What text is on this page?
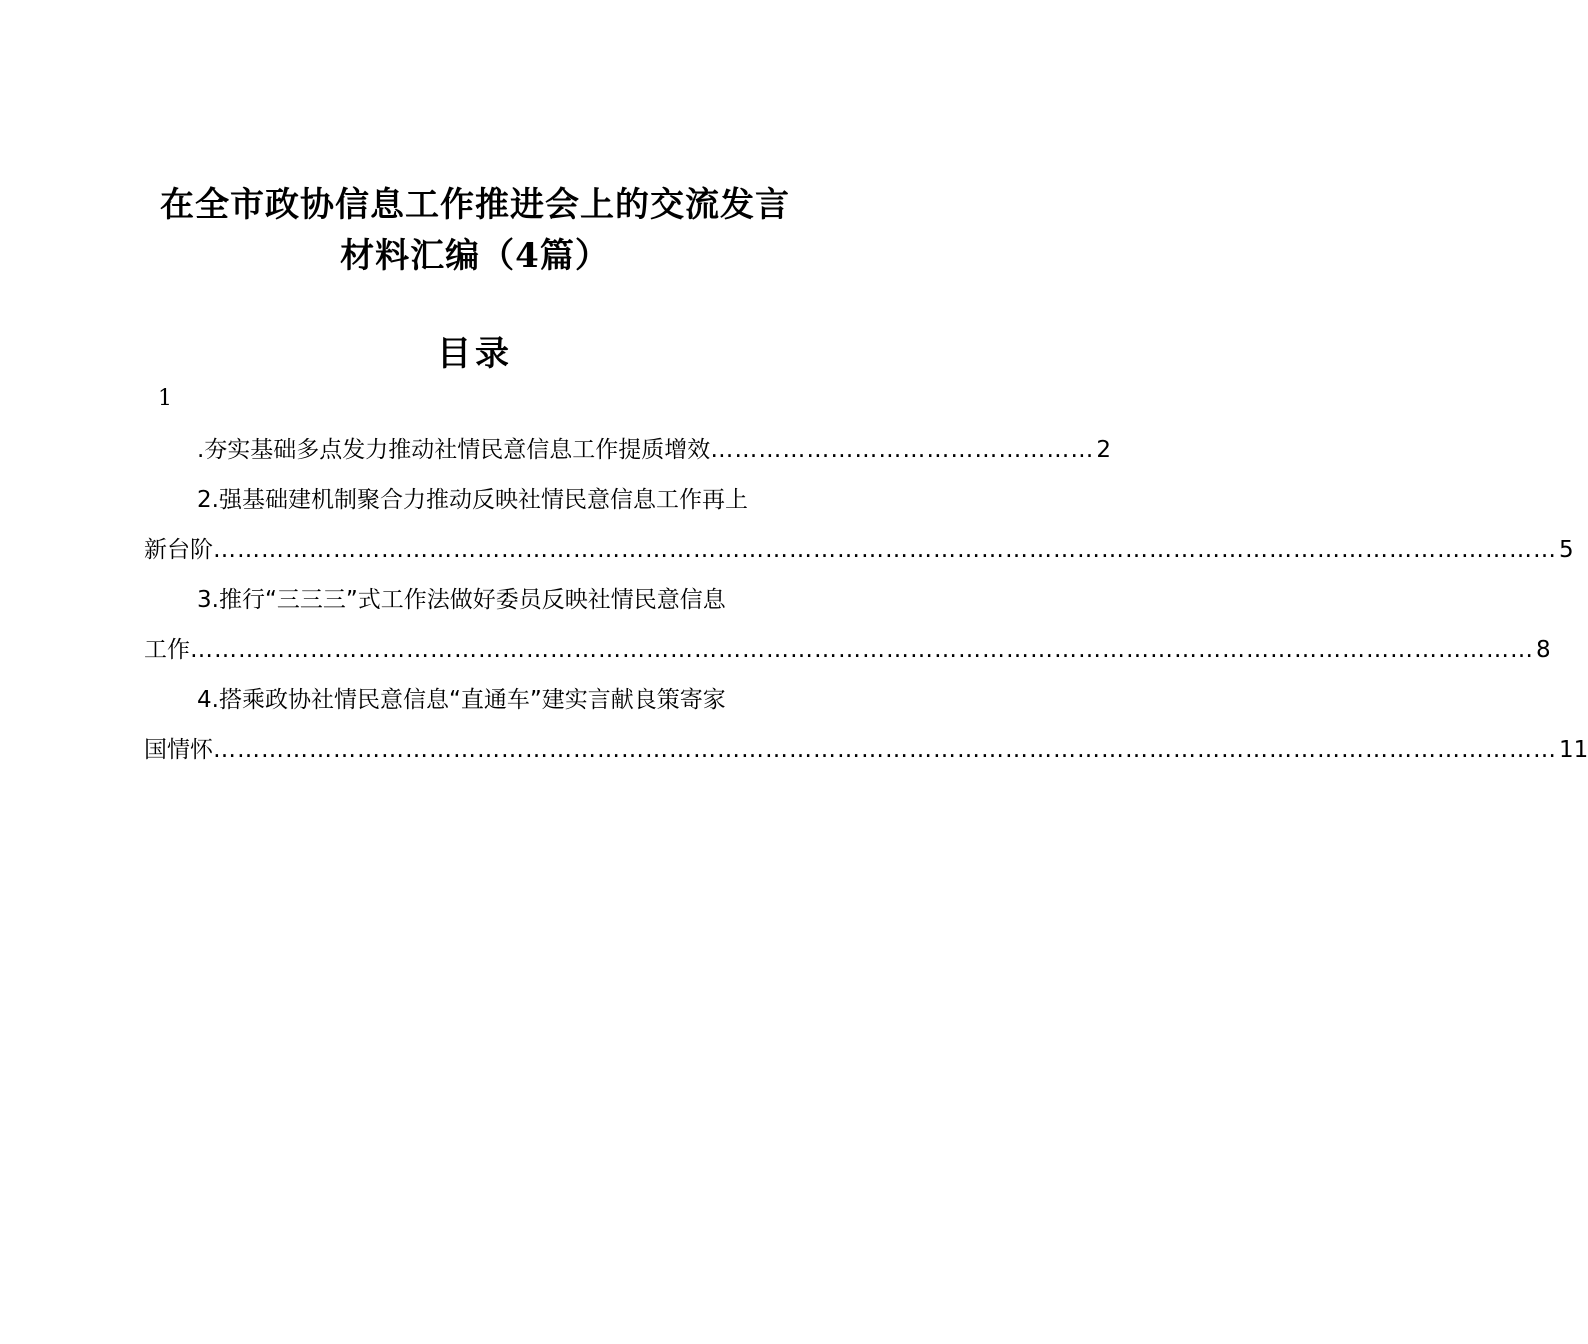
在全市政协信息工作推进会上的交流发言
材料汇编（4篇）
目录
1
.夯实基础多点发力推动社情民意信息工作提质增效 ………………………………………… 2
2.强基础建机制聚合力推动反映社情民意信息工作再上
新台阶 …………………………………………………………………………………………………………………………………………………… 5
3.推行“三三三”式工作法做好委员反映社情民意信息
工作 …………………………………………………………………………………………………………………………………………………… 8
4.搭乘政协社情民意信息“直通车”建实言献良策寄家
国情怀 …………………………………………………………………………………………………………………………………………………… 11
